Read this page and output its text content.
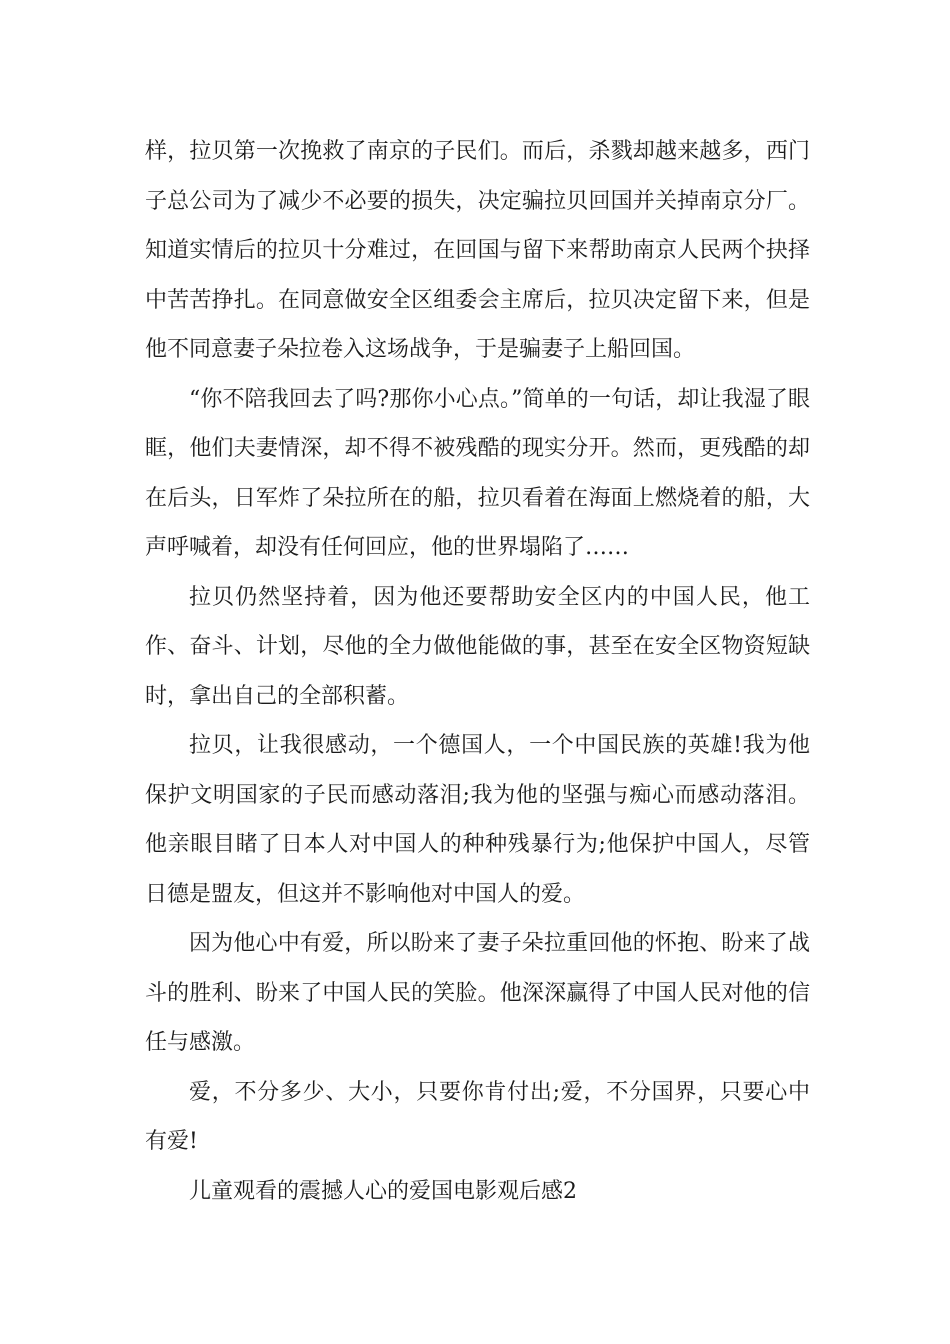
样，拉贝第一次挽救了南京的子民们。而后，杀戮却越来越多，西门子总公司为了减少不必要的损失，决定骗拉贝回国并关掉南京分厂。知道实情后的拉贝十分难过，在回国与留下来帮助南京人民两个抉择中苦苦挣扎。在同意做安全区组委会主席后，拉贝决定留下来，但是他不同意妻子朵拉卷入这场战争，于是骗妻子上船回国。

“你不陪我回去了吗?那你小心点。”简单的一句话，却让我湿了眼眶，他们夫妻情深，却不得不被残酷的现实分开。然而，更残酷的却在后头，日军炸了朵拉所在的船，拉贝看着在海面上燃烧着的船，大声呼喊着，却没有任何回应，他的世界塌陷了……

拉贝仍然坚持着，因为他还要帮助安全区内的中国人民，他工作、奋斗、计划，尽他的全力做他能做的事，甚至在安全区物资短缺时，拿出自己的全部积蓄。

拉贝，让我很感动，一个德国人，一个中国民族的英雄!我为他保护文明国家的子民而感动落泪;我为他的坚强与痴心而感动落泪。他亲眼目睹了日本人对中国人的种种残暴行为;他保护中国人，尽管日德是盟友，但这并不影响他对中国人的爱。

因为他心中有爱，所以盼来了妻子朵拉重回他的怀抱、盼来了战斗的胜利、盼来了中国人民的笑脸。他深深赢得了中国人民对他的信任与感激。

爱，不分多少、大小，只要你肯付出;爱，不分国界，只要心中有爱!

儿童观看的震撼人心的爱国电影观后感2
